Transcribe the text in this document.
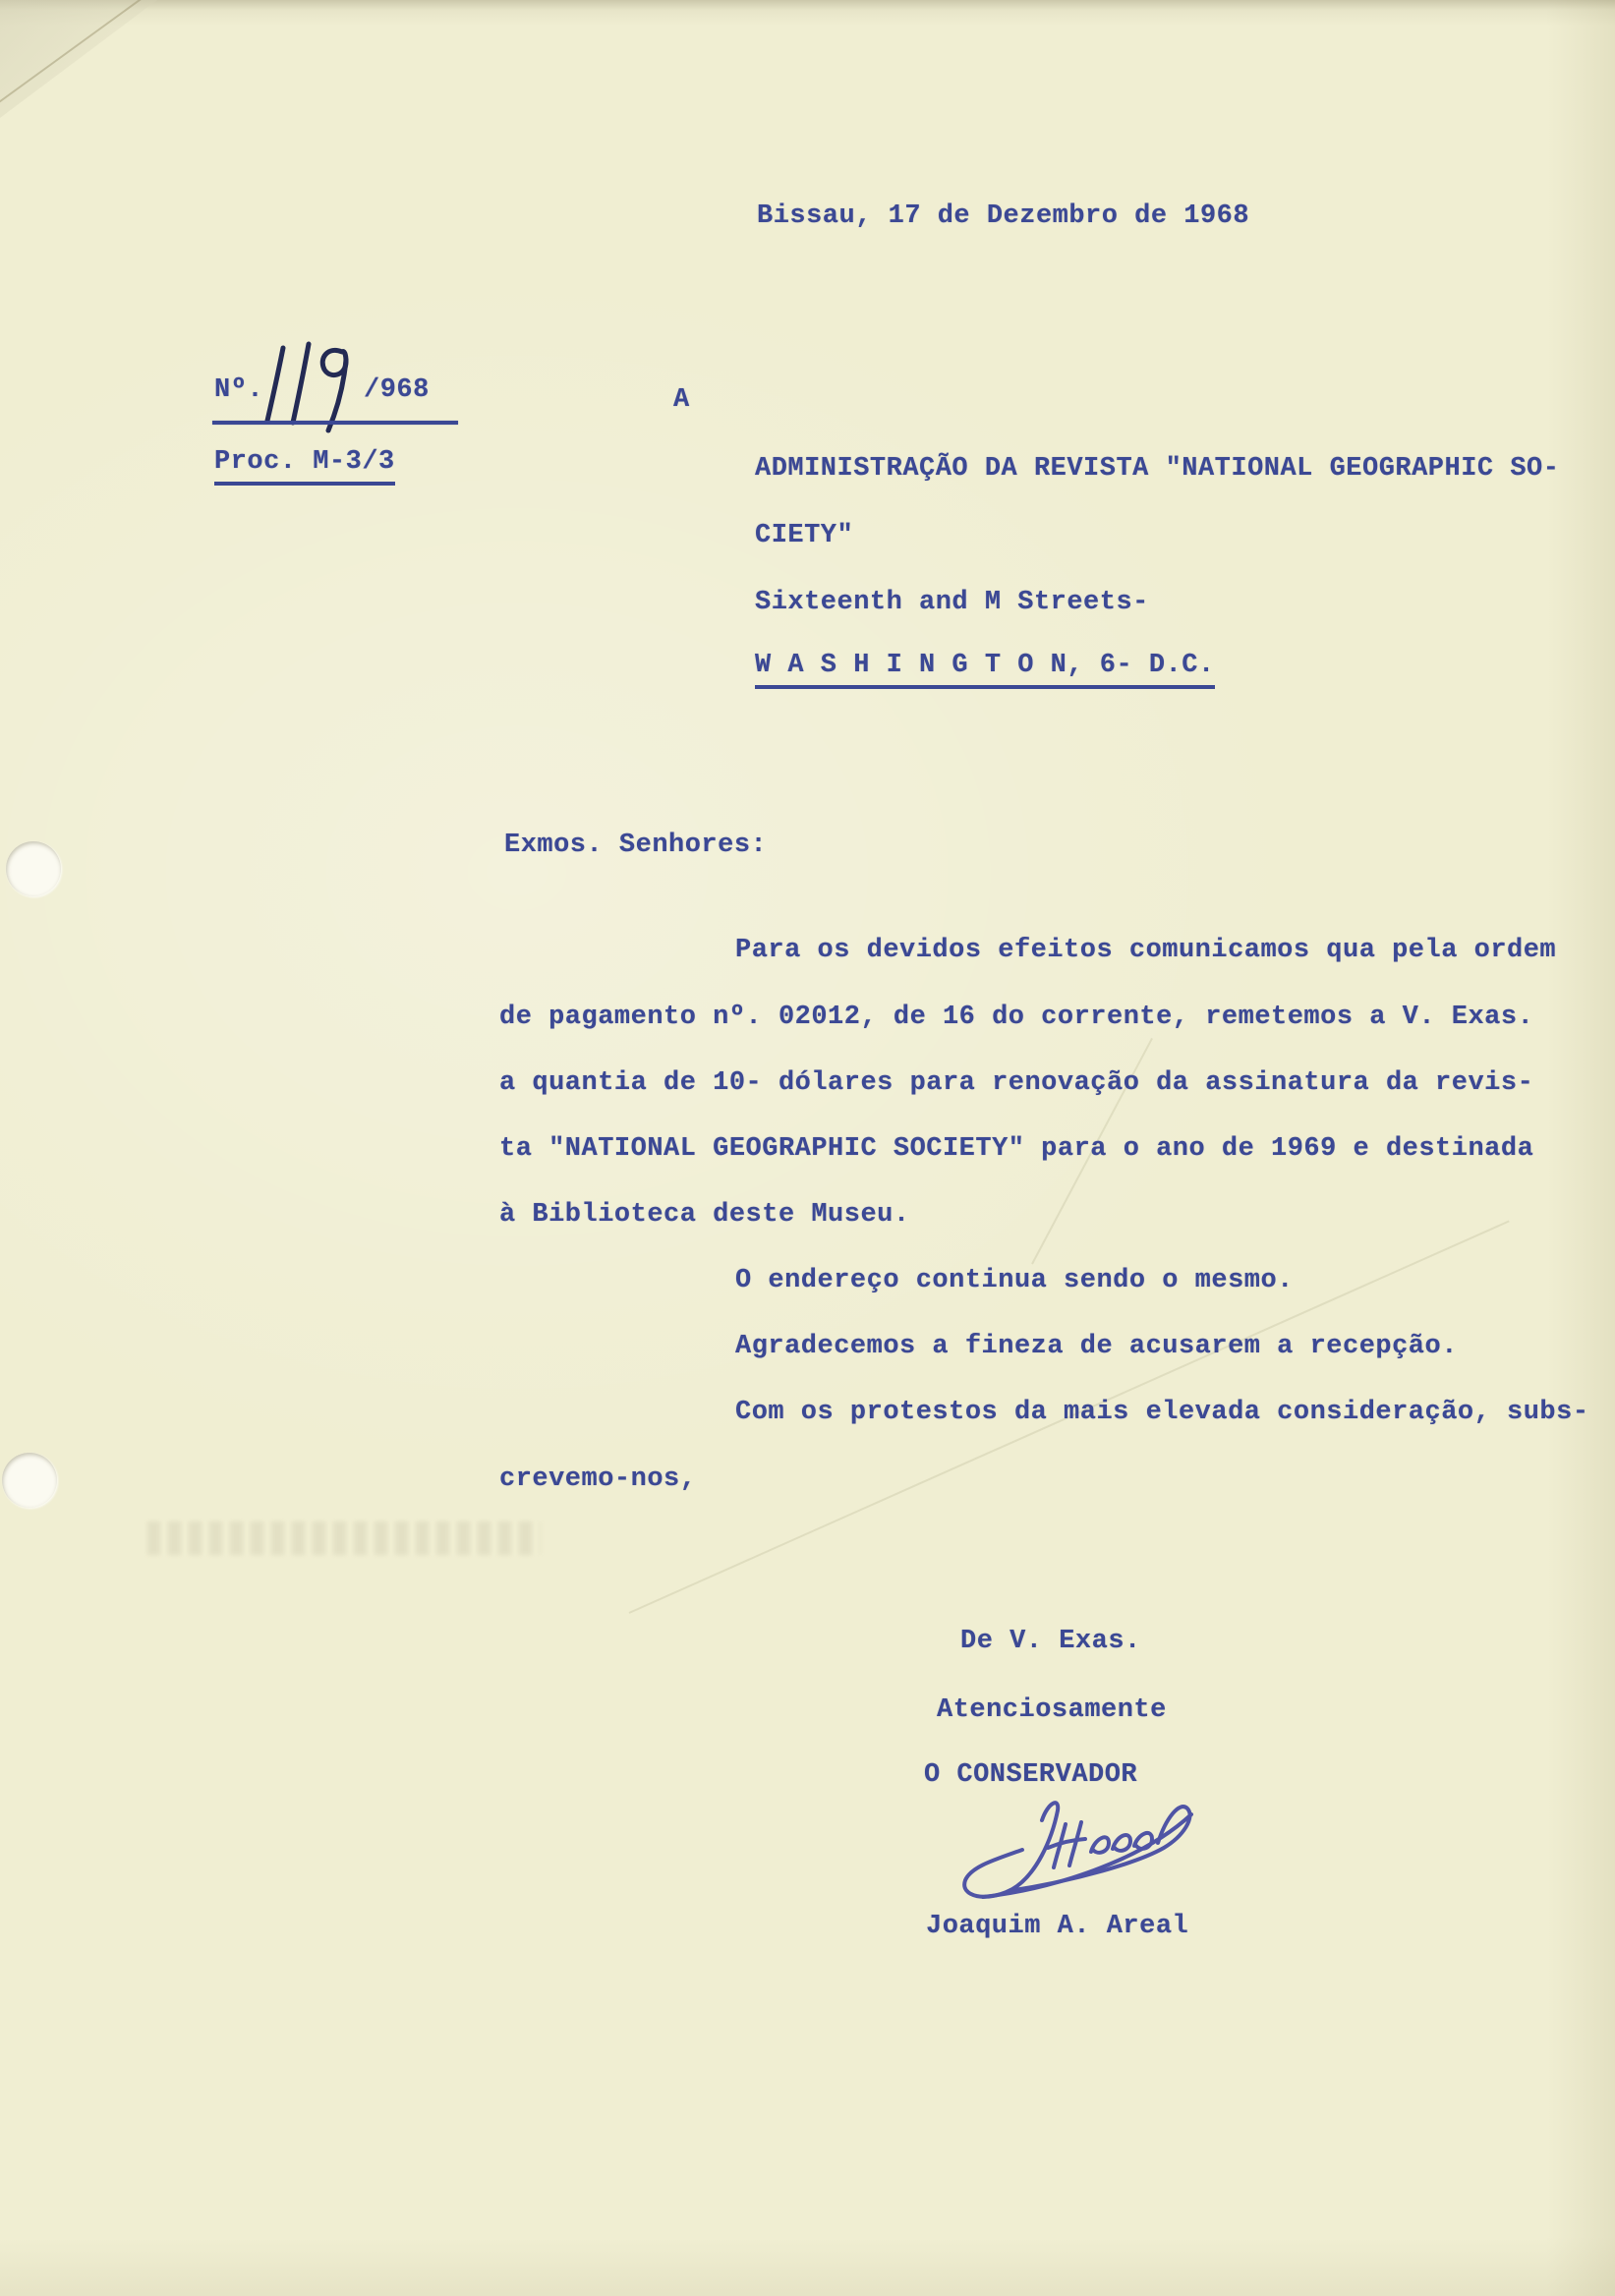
Bissau, 17 de Dezembro de 1968
Nº.	/968
Proc. M-3/3
A
ADMINISTRAÇÃO DA REVISTA "NATIONAL GEOGRAPHIC SO-
CIETY"
Sixteenth and M Streets-
W A S H I N G T O N, 6- D.C.
Exmos. Senhores:
Para os devidos efeitos comunicamos qua pela ordem
de pagamento nº. 02012, de 16 do corrente, remetemos a V. Exas.
a quantia de 10- dólares para renovação da assinatura da revis-
ta "NATIONAL GEOGRAPHIC SOCIETY" para o ano de 1969 e destinada
à Biblioteca deste Museu.
O endereço continua sendo o mesmo.
Agradecemos a fineza de acusarem a recepção.
Com os protestos da mais elevada consideração, subs-
crevemo-nos,
De V. Exas.
Atenciosamente
O CONSERVADOR
Joaquim A. Areal
